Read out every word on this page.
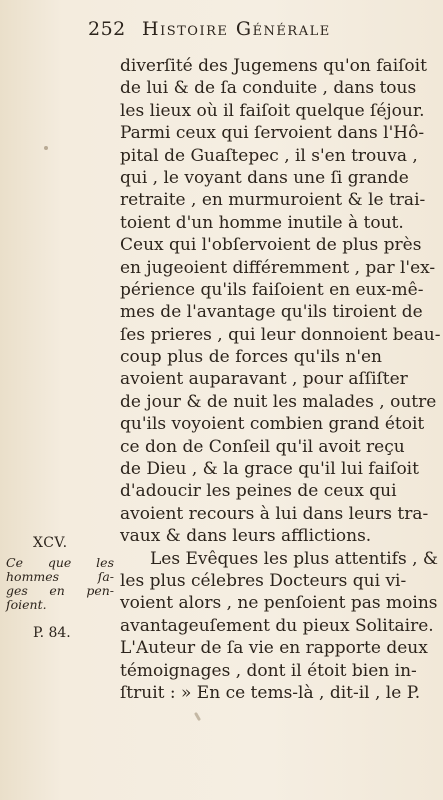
252 Histoire Générale
diverſité des Jugemens qu'on faiſoit
de lui & de ſa conduite , dans tous
les lieux où il faiſoit quelque ſéjour.
Parmi ceux qui ſervoient dans l'Hô-
pital de Guaſtepec , il s'en trouva ,
qui , le voyant dans une ſi grande
retraite , en murmuroient & le trai-
toient d'un homme inutile à tout.
Ceux qui l'obſervoient de plus près
en jugeoient différemment , par l'ex-
périence qu'ils faiſoient en eux-mê-
mes de l'avantage qu'ils tiroient de
ſes prieres , qui leur donnoient beau-
coup plus de forces qu'ils n'en
avoient auparavant , pour aſſiſter
de jour & de nuit les malades , outre
qu'ils voyoient combien grand étoit
ce don de Conſeil qu'il avoit reçu
de Dieu , & la grace qu'il lui faiſoit
d'adoucir les peines de ceux qui
avoient recours à lui dans leurs tra-
vaux & dans leurs afflictions.
Les Evêques les plus attentifs , &
les plus célebres Docteurs qui vi-
voient alors , ne penſoient pas moins
avantageuſement du pieux Solitaire.
L'Auteur de ſa vie en rapporte deux
témoignages , dont il étoit bien in-
ſtruit : » En ce tems-là , dit-il , le P.
XCV.
Ce que les
hommes ſa-
ges en pen-
ſoient.
P. 84.
